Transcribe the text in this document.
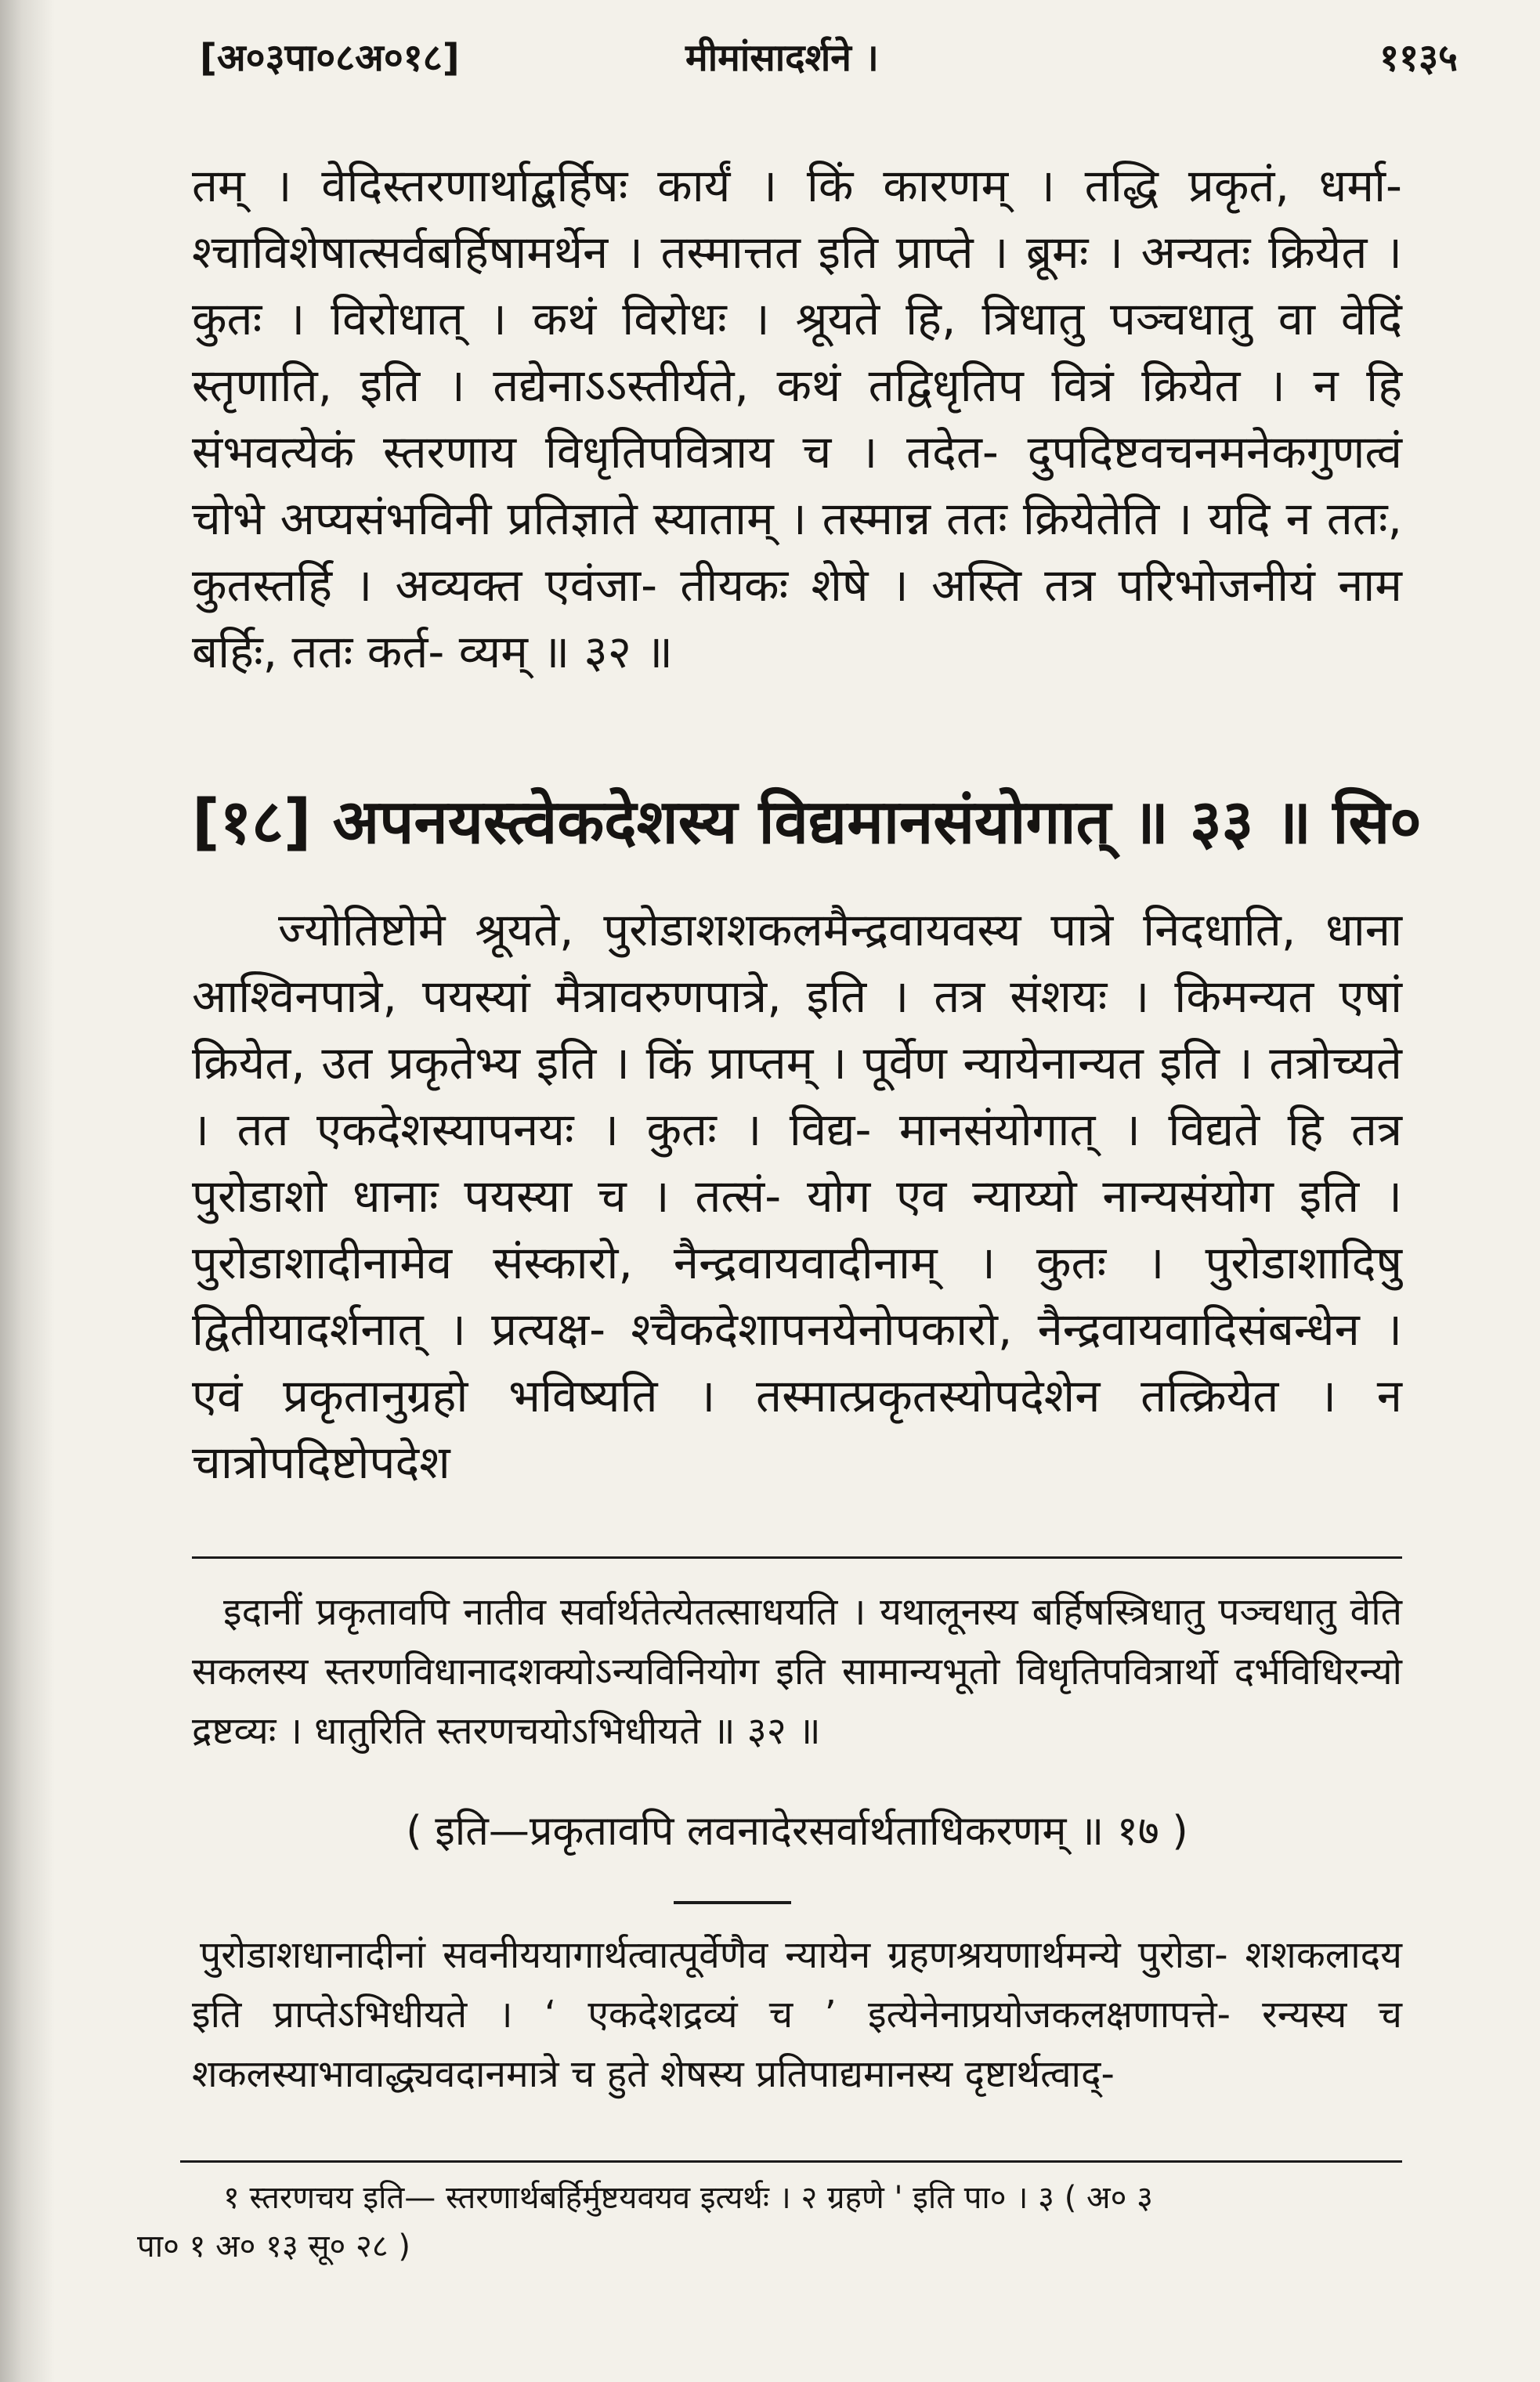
[अ०३पा०८अ०१८]	मीमांसादर्शने ।	११३५
तम् । वेदिस्तरणार्थाद्बर्हिषः कार्यं । किं कारणम् । तद्धि प्रकृतं, धर्मा- श्चाविशेषात्सर्वबर्हिषामर्थेन । तस्मात्तत इति प्राप्ते । ब्रूमः । अन्यतः क्रियेत । कुतः । विरोधात् । कथं विरोधः । श्रूयते हि, त्रिधातु पञ्चधातु वा वेदिं स्तृणाति, इति । तद्येनाऽऽस्तीर्यते, कथं तद्विधृतिप वित्रं क्रियेत । न हि संभवत्येकं स्तरणाय विधृतिपवित्राय च । तदेत- दुपदिष्टवचनमनेकगुणत्वं चोभे अप्यसंभविनी प्रतिज्ञाते स्याताम् । तस्मान्न ततः क्रियेतेति । यदि न ततः, कुतस्तर्हि । अव्यक्त एवंजा- तीयकः शेषे । अस्ति तत्र परिभोजनीयं नाम बर्हिः, ततः कर्त- व्यम् ॥ ३२ ॥
[१८] अपनयस्त्वेकदेशस्य विद्यमानसंयोगात् ॥ ३३ ॥ सि०
ज्योतिष्टोमे श्रूयते, पुरोडाशशकलमैन्द्रवायवस्य पात्रे निदधाति, धाना आश्विनपात्रे, पयस्यां मैत्रावरुणपात्रे, इति । तत्र संशयः । किमन्यत एषां क्रियेत, उत प्रकृतेभ्य इति । किं प्राप्तम् । पूर्वेण न्यायेनान्यत इति । तत्रोच्यते । तत एकदेशस्यापनयः । कुतः । विद्य- मानसंयोगात् । विद्यते हि तत्र पुरोडाशो धानाः पयस्या च । तत्सं- योग एव न्याय्यो नान्यसंयोग इति । पुरोडाशादीनामेव संस्कारो, नैन्द्रवायवादीनाम् । कुतः । पुरोडाशादिषु द्वितीयादर्शनात् । प्रत्यक्ष- श्चैकदेशापनयेनोपकारो, नैन्द्रवायवादिसंबन्धेन । एवं प्रकृतानुग्रहो भविष्यति । तस्मात्प्रकृतस्योपदेशेन तत्क्रियेत । न चात्रोपदिष्टोपदेश
इदानीं प्रकृतावपि नातीव सर्वार्थतेत्येतत्साधयति । यथालूनस्य बर्हिषस्त्रिधातु पञ्चधातु वेति सकलस्य स्तरणविधानादशक्योऽन्यविनियोग इति सामान्यभूतो विधृतिपवित्रार्थो दर्भविधिरन्यो द्रष्टव्यः । धातुरिति स्तरणचयोऽभिधीयते ॥ ३२ ॥
( इति—प्रकृतावपि लवनादेरसर्वार्थताधिकरणम् ॥ १७ )
पुरोडाशधानादीनां सवनीययागार्थत्वात्पूर्वेणैव न्यायेन ग्रहणश्रयणार्थमन्ये पुरोडा- शशकलादय इति प्राप्तेऽभिधीयते । ‘ एकदेशद्रव्यं च ’ इत्येनेनाप्रयोजकलक्षणापत्ते- रन्यस्य च शकलस्याभावाद्ध्यवदानमात्रे च हुते शेषस्य प्रतिपाद्यमानस्य दृष्टार्थत्वाद्-
१ स्तरणचय इति— स्तरणार्थबर्हिर्मुष्टयवयव इत्यर्थः । २ ग्रहणे ' इति पा० । ३ ( अ० ३
पा० १ अ० १३ सू० २८ )
